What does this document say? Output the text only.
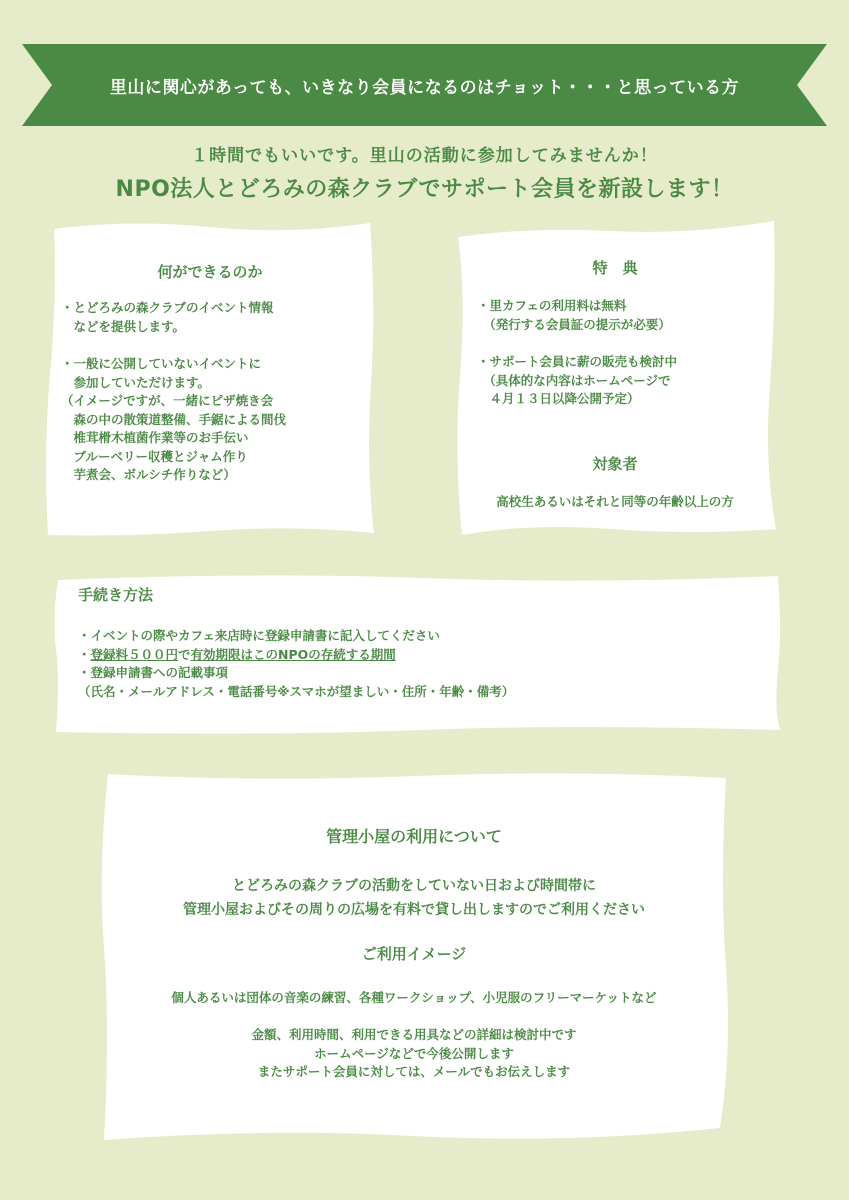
里山に関心があっても、いきなり会員になるのはチョット・・・と思っている方
１時間でもいいです。里山の活動に参加してみませんか！
NPO法人とどろみの森クラブでサポート会員を新設します！
何ができるのか
・とどろみの森クラブのイベント情報
　などを提供します。
・一般に公開していないイベントに
　参加していただけます。
（イメージですが、一緒にピザ焼き会
　森の中の散策道整備、手鋸による間伐
　椎茸榾木植菌作業等のお手伝い
　ブルーベリー収穫とジャム作り
　芋煮会、ボルシチ作りなど）
特　典
・里カフェの利用料は無料
　（発行する会員証の提示が必要）
・サポート会員に薪の販売も検討中
　（具体的な内容はホームページで
　４月１３日以降公開予定）
対象者
高校生あるいはそれと同等の年齢以上の方
手続き方法
・イベントの際やカフェ来店時に登録申請書に記入してください
・登録料５００円で有効期限はこのNPOの存続する期間
・登録申請書への記載事項
（氏名・メールアドレス・電話番号※スマホが望ましい・住所・年齢・備考）
管理小屋の利用について
とどろみの森クラブの活動をしていない日および時間帯に
管理小屋およびその周りの広場を有料で貸し出しますのでご利用ください
ご利用イメージ
個人あるいは団体の音楽の練習、各種ワークショップ、小児服のフリーマーケットなど
金額、利用時間、利用できる用具などの詳細は検討中です
ホームページなどで今後公開します
またサポート会員に対しては、メールでもお伝えします
